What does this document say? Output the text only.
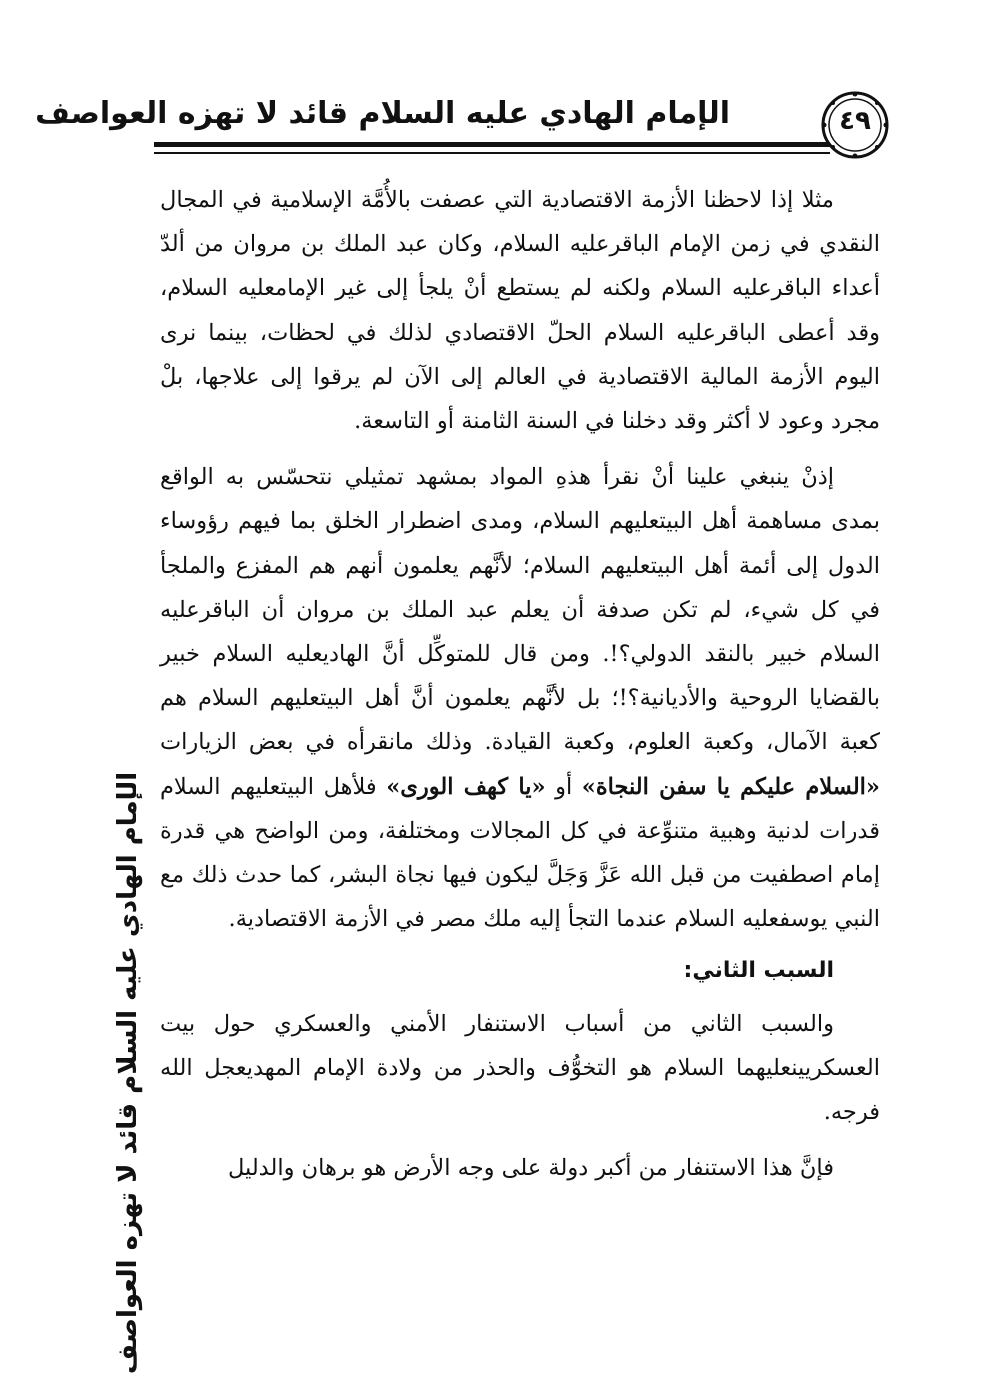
الإمام الهادي عليه السلام قائد لا تهزه العواصف	٤٩

مثلا إذا لاحظنا الأزمة الاقتصادية التي عصفت بالأُمَّة الإسلامية في المجال النقدي في زمن الإمام الباقرعليه السلام، وكان عبد الملك بن مروان من ألدّ أعداء الباقرعليه السلام ولكنه لم يستطع أنْ يلجأ إلى غير الإمامعليه السلام، وقد أعطى الباقرعليه السلام الحلّ الاقتصادي لذلك في لحظات، بينما نرى اليوم الأزمة المالية الاقتصادية في العالم إلى الآن لم يرقوا إلى علاجها، بلْ مجرد وعود لا أكثر وقد دخلنا في السنة الثامنة أو التاسعة.

إذنْ ينبغي علينا أنْ نقرأ هذهِ المواد بمشهد تمثيلي نتحسّس به الواقع بمدى مساهمة أهل البيتعليهم السلام، ومدى اضطرار الخلق بما فيهم رؤوساء الدول إلى أئمة أهل البيتعليهم السلام؛ لأنَّهم يعلمون أنهم هم المفزع والملجأ في كل شيء، لم تكن صدفة أن يعلم عبد الملك بن مروان أن الباقرعليه السلام خبير بالنقد الدولي؟!. ومن قال للمتوكِّل أنَّ الهاديعليه السلام خبير بالقضايا الروحية والأديانية؟!؛ بل لأنَّهم يعلمون أنَّ أهل البيتعليهم السلام هم كعبة الآمال، وكعبة العلوم، وكعبة القيادة. وذلك مانقرأه في بعض الزيارات «السلام عليكم يا سفن النجاة» أو «يا كهف الورى» فلأهل البيتعليهم السلام قدرات لدنية وهبية متنوِّعة في كل المجالات ومختلفة، ومن الواضح هي قدرة إمام اصطفيت من قبل الله عَزَّ وَجَلَّ ليكون فيها نجاة البشر، كما حدث ذلك مع النبي يوسفعليه السلام عندما التجأ إليه ملك مصر في الأزمة الاقتصادية.

السبب الثاني:

والسبب الثاني من أسباب الاستنفار الأمني والعسكري حول بيت العسكريينعليهما السلام هو التخوُّف والحذر من ولادة الإمام المهديعجل الله فرجه.

فإنَّ هذا الاستنفار من أكبر دولة على وجه الأرض هو برهان والدليل

الإمام الهادي عليه السلام قائد لا تهزه العواصف
